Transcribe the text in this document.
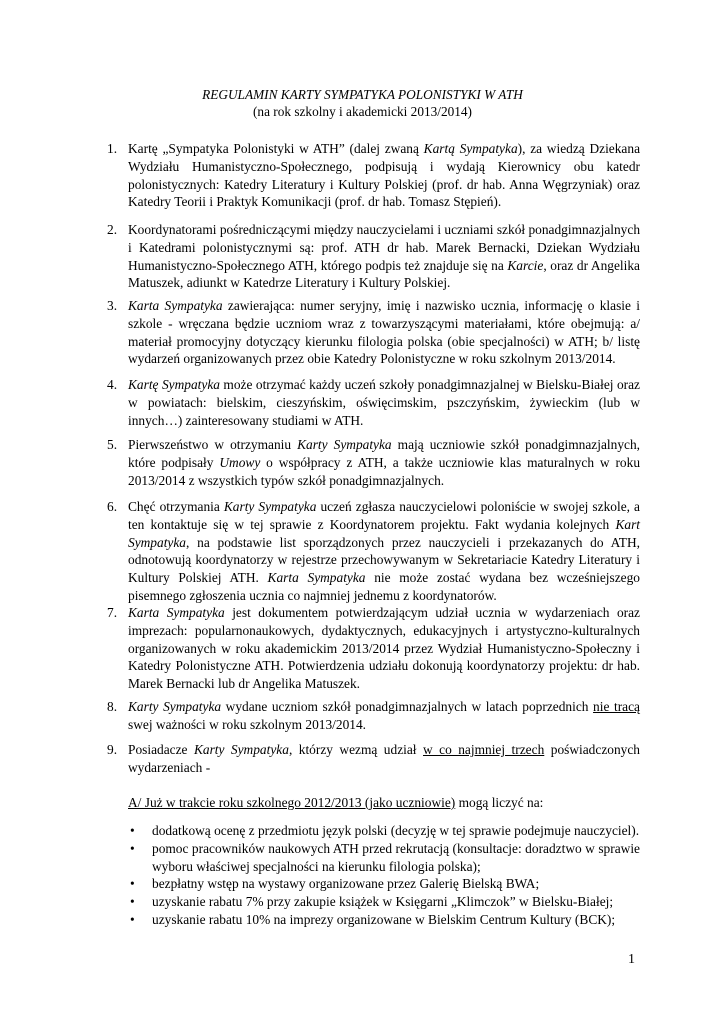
REGULAMIN KARTY SYMPATYKA POLONISTYKI W ATH
(na rok szkolny i akademicki 2013/2014)
1. Kartę „Sympatyka Polonistyki w ATH” (dalej zwaną Kartą Sympatyka), za wiedzą Dziekana Wydziału Humanistyczno-Społecznego, podpisują i wydają Kierownicy obu katedr polonistycznych: Katedry Literatury i Kultury Polskiej (prof. dr hab. Anna Węgrzyniak) oraz Katedry Teorii i Praktyk Komunikacji (prof. dr hab. Tomasz Stępień).

2. Koordynatorami pośredniczącymi między nauczycielami i uczniami szkół ponadgimnazjalnych i Katedrami polonistycznymi są: prof. ATH dr hab. Marek Bernacki, Dziekan Wydziału Humanistyczno-Społecznego ATH, którego podpis też znajduje się na Karcie, oraz dr Angelika Matuszek, adiunkt w Katedrze Literatury i Kultury Polskiej.

3. Karta Sympatyka zawierająca: numer seryjny, imię i nazwisko ucznia, informację o klasie i szkole - wręczana będzie uczniom wraz z towarzyszącymi materiałami, które obejmują: a/ materiał promocyjny dotyczący kierunku filologia polska (obie specjalności) w ATH; b/ listę wydarzeń organizowanych przez obie Katedry Polonistyczne w roku szkolnym 2013/2014.

4. Kartę Sympatyka może otrzymać każdy uczeń szkoły ponadgimnazjalnej w Bielsku-Białej oraz w powiatach: bielskim, cieszyńskim, oświęcimskim, pszczyńskim, żywieckim (lub w innych…) zainteresowany studiami w ATH.

5. Pierwszeństwo w otrzymaniu Karty Sympatyka mają uczniowie szkół ponadgimnazjalnych, które podpisały Umowy o współpracy z ATH, a także uczniowie klas maturalnych w roku 2013/2014 z wszystkich typów szkół ponadgimnazjalnych.

6. Chęć otrzymania Karty Sympatyka uczeń zgłasza nauczycielowi poloniście w swojej szkole, a ten kontaktuje się w tej sprawie z Koordynatorem projektu. Fakt wydania kolejnych Kart Sympatyka, na podstawie list sporządzonych przez nauczycieli i przekazanych do ATH, odnotowują koordynatorzy w rejestrze przechowywanym w Sekretariacie Katedry Literatury i Kultury Polskiej ATH. Karta Sympatyka nie może zostać wydana bez wcześniejszego pisemnego zgłoszenia ucznia co najmniej jednemu z koordynatorów.

7. Karta Sympatyka jest dokumentem potwierdzającym udział ucznia w wydarzeniach oraz imprezach: popularnonaukowych, dydaktycznych, edukacyjnych i artystyczno-kulturalnych organizowanych w roku akademickim 2013/2014 przez Wydział Humanistyczno-Społeczny i Katedry Polonistyczne ATH. Potwierdzenia udziału dokonują koordynatorzy projektu: dr hab. Marek Bernacki lub dr Angelika Matuszek.

8. Karty Sympatyka wydane uczniom szkół ponadgimnazjalnych w latach poprzednich nie tracą swej ważności w roku szkolnym 2013/2014.

9. Posiadacze Karty Sympatyka, którzy wezmą udział w co najmniej trzech poświadczonych wydarzeniach -

A/ Już w trakcie roku szkolnego 2012/2013 (jako uczniowie) mogą liczyć na:
• dodatkową ocenę z przedmiotu język polski (decyzję w tej sprawie podejmuje nauczyciel).
• pomoc pracowników naukowych ATH przed rekrutacją (konsultacje: doradztwo w sprawie wyboru właściwej specjalności na kierunku filologia polska);
• bezpłatny wstęp na wystawy organizowane przez Galerię Bielską BWA;
• uzyskanie rabatu 7% przy zakupie książek w Księgarni „Klimczok” w Bielsku-Białej;
• uzyskanie rabatu 10% na imprezy organizowane w Bielskim Centrum Kultury (BCK);
1
